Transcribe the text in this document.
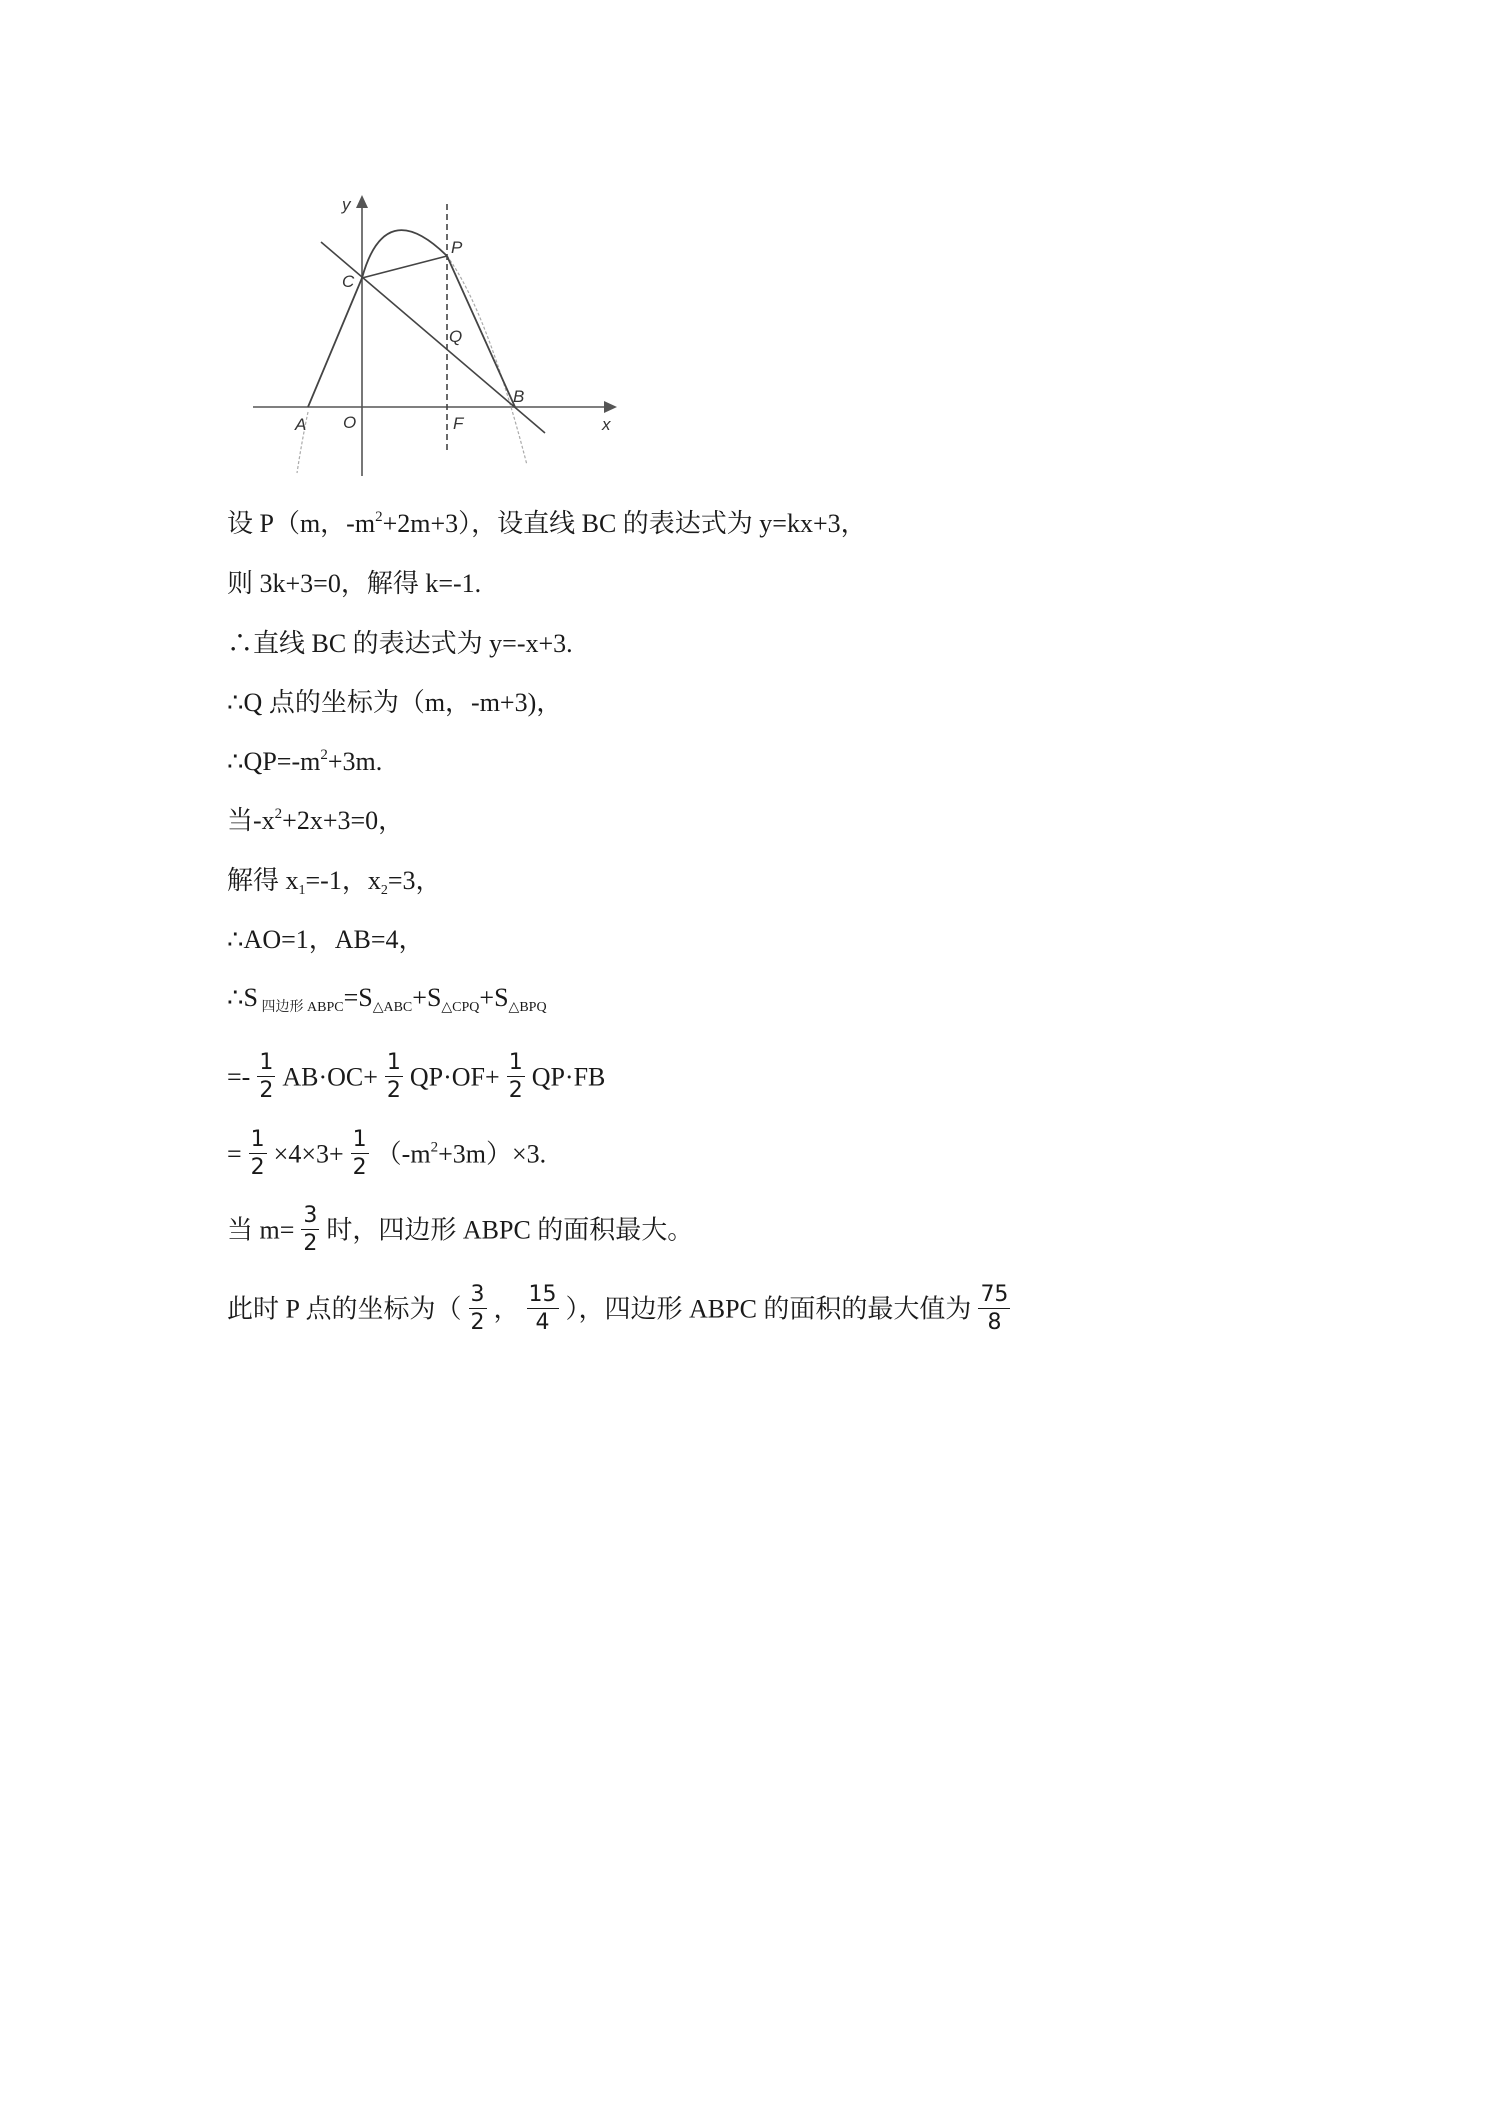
y
x
C
P
Q
B
A O	F
设 P（m，$-m^2+2m+3$），设直线 BC 的表达式为 y=kx+3，
则 3k+3=0，解得 k=-1.
∴直线 BC 的表达式为 y=-x+3.
∴Q 点的坐标为（m，-m+3)，
$\therefore QP=-m^2+3m$.
当$-x^2+2x+3=0$，
解得 $x_1=-1$，$x_2=3$，
∴AO=1，AB=4，
∴S $_{四边形 ABPC}=S_{\triangle ABC}+S_{\triangle CPQ}+S_{\triangle BPQ}$
=- $\frac{1}{2} AB\cdot OC+ \frac{1}{2} QP\cdot OF+ \frac{1}{2} QP\cdot FB$
= $\frac{1}{2} \times 4\times 3+ \frac{1}{2} (-m^2+3m)\times 3$.
当 $m= \frac{3}{2}$ 时，四边形 ABPC 的面积最大。
此时 P 点的坐标为（ $\frac{3}{2}$ ， $\frac{15}{4}$ ），四边形 ABPC 的面积的最大值为 $\frac{75}{8}$
